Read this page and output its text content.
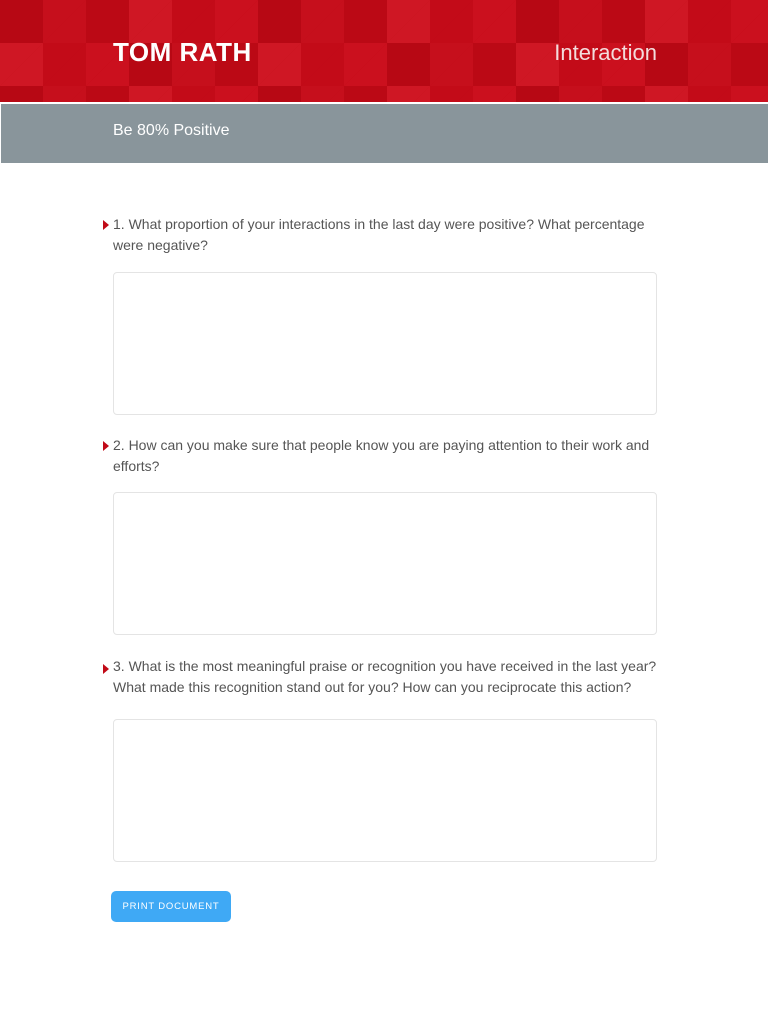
TOM RATH	Interaction
Be 80% Positive
1. What proportion of your interactions in the last day were positive? What percentage were negative?
2. How can you make sure that people know you are paying attention to their work and efforts?
3. What is the most meaningful praise or recognition you have received in the last year? What made this recognition stand out for you? How can you reciprocate this action?
PRINT DOCUMENT
